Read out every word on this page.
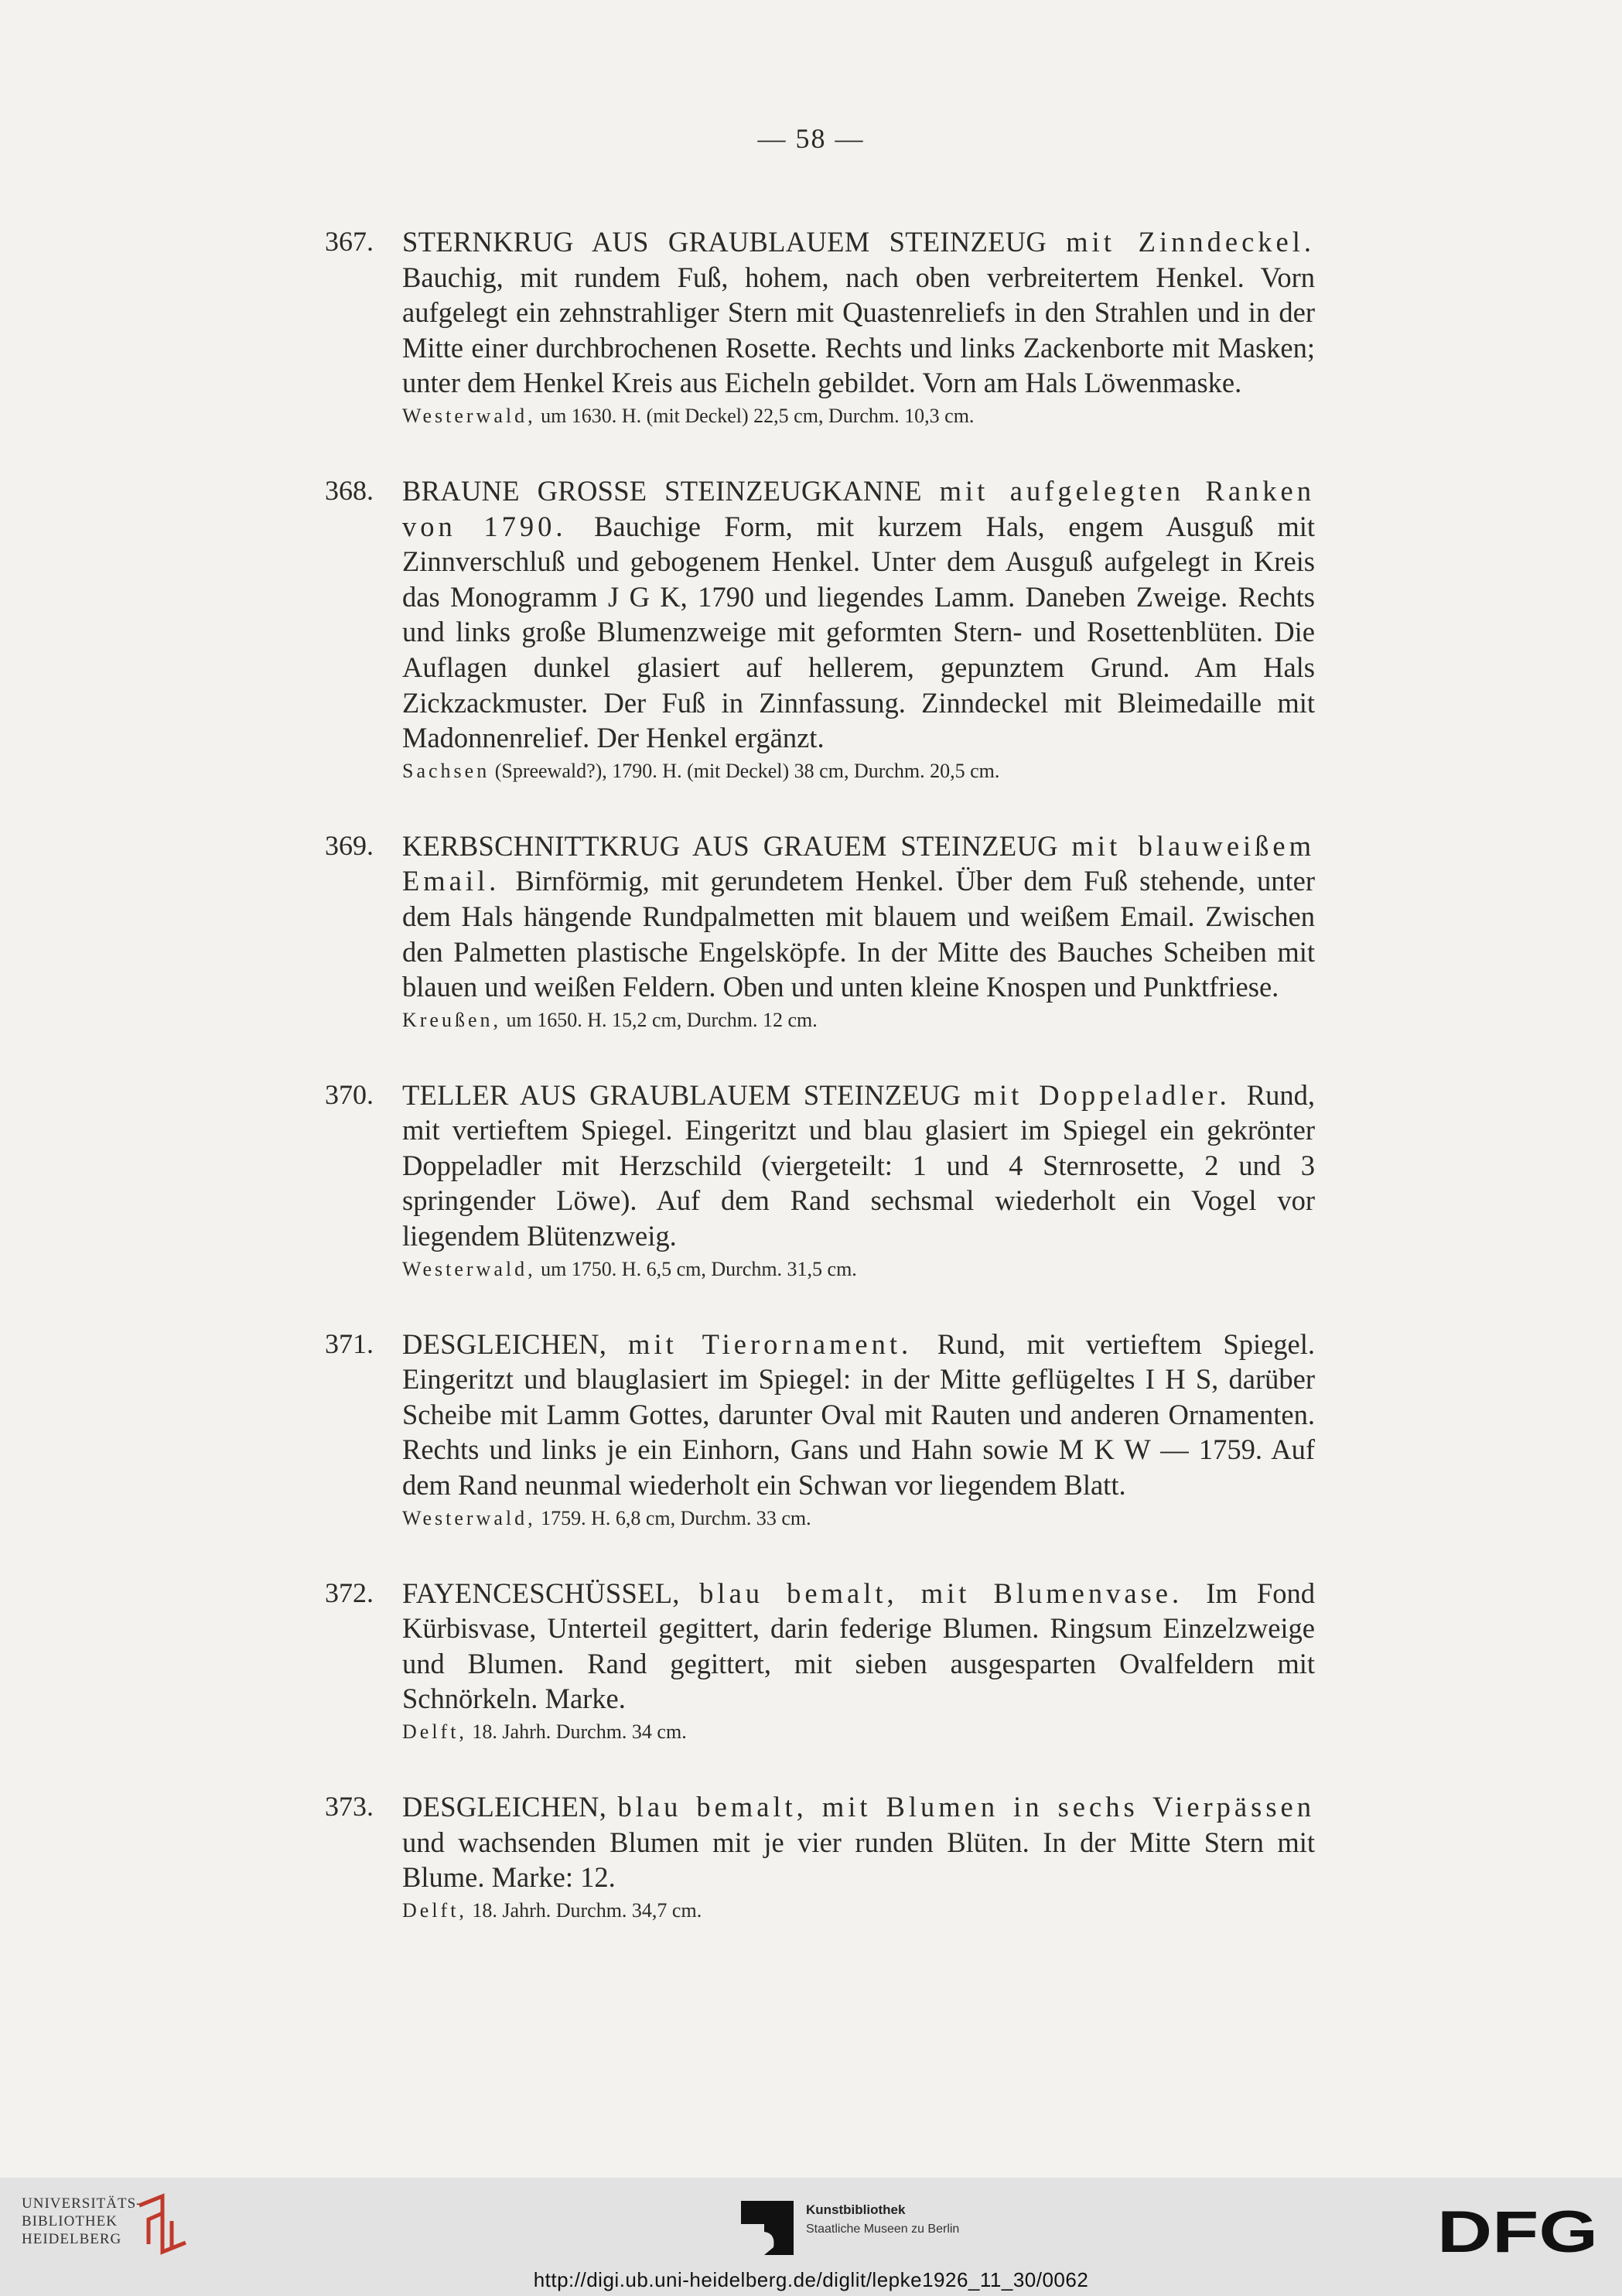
— 58 —
367.	STERNKRUG AUS GRAUBLAUEM STEINZEUG mit Zinndeckel. Bauchig, mit rundem Fuß, hohem, nach oben verbreitertem Henkel. Vorn aufgelegt ein zehnstrahliger Stern mit Quastenreliefs in den Strahlen und in der Mitte einer durchbrochenen Rosette. Rechts und links Zackenborte mit Masken; unter dem Henkel Kreis aus Eicheln gebildet. Vorn am Hals Löwenmaske.
Westerwald, um 1630. H. (mit Deckel) 22,5 cm, Durchm. 10,3 cm.
368.	BRAUNE GROSSE STEINZEUGKANNE mit aufgelegten Ranken von 1790. Bauchige Form, mit kurzem Hals, engem Ausguß mit Zinnverschluß und gebogenem Henkel. Unter dem Ausguß aufgelegt in Kreis das Monogramm J G K, 1790 und liegendes Lamm. Daneben Zweige. Rechts und links große Blumenzweige mit geformten Stern- und Rosettenblüten. Die Auflagen dunkel glasiert auf hellerem, gepunztem Grund. Am Hals Zickzackmuster. Der Fuß in Zinnfassung. Zinndeckel mit Bleimedaille mit Madonnenrelief. Der Henkel ergänzt.
Sachsen (Spreewald?), 1790. H. (mit Deckel) 38 cm, Durchm. 20,5 cm.
369.	KERBSCHNITTKRUG AUS GRAUEM STEINZEUG mit blauweißem Email. Birnförmig, mit gerundetem Henkel. Über dem Fuß stehende, unter dem Hals hängende Rundpalmetten mit blauem und weißem Email. Zwischen den Palmetten plastische Engelsköpfe. In der Mitte des Bauches Scheiben mit blauen und weißen Feldern. Oben und unten kleine Knospen und Punktfriese.
Kreußen, um 1650. H. 15,2 cm, Durchm. 12 cm.
370.	TELLER AUS GRAUBLAUEM STEINZEUG mit Doppeladler. Rund, mit vertieftem Spiegel. Eingeritzt und blau glasiert im Spiegel ein gekrönter Doppeladler mit Herzschild (viergeteilt: 1 und 4 Sternrosette, 2 und 3 springender Löwe). Auf dem Rand sechsmal wiederholt ein Vogel vor liegendem Blütenzweig.
Westerwald, um 1750. H. 6,5 cm, Durchm. 31,5 cm.
371.	DESGLEICHEN, mit Tierornament. Rund, mit vertieftem Spiegel. Eingeritzt und blauglasiert im Spiegel: in der Mitte geflügeltes I H S, darüber Scheibe mit Lamm Gottes, darunter Oval mit Rauten und anderen Ornamenten. Rechts und links je ein Einhorn, Gans und Hahn sowie M K W — 1759. Auf dem Rand neunmal wiederholt ein Schwan vor liegendem Blatt.
Westerwald, 1759. H. 6,8 cm, Durchm. 33 cm.
372.	FAYENCESCHÜSSEL, blau bemalt, mit Blumenvase. Im Fond Kürbisvase, Unterteil gegittert, darin federige Blumen. Ringsum Einzelzweige und Blumen. Rand gegittert, mit sieben ausgesparten Ovalfeldern mit Schnörkeln. Marke.
Delft, 18. Jahrh. Durchm. 34 cm.
373.	DESGLEICHEN, blau bemalt, mit Blumen in sechs Vierpässen und wachsenden Blumen mit je vier runden Blüten. In der Mitte Stern mit Blume. Marke: 12.
Delft, 18. Jahrh. Durchm. 34,7 cm.
UNIVERSITÄTS-
BIBLIOTHEK
HEIDELBERG
Kunstbibliothek
Staatliche Museen zu Berlin	DFG
http://digi.ub.uni-heidelberg.de/diglit/lepke1926_11_30/0062
